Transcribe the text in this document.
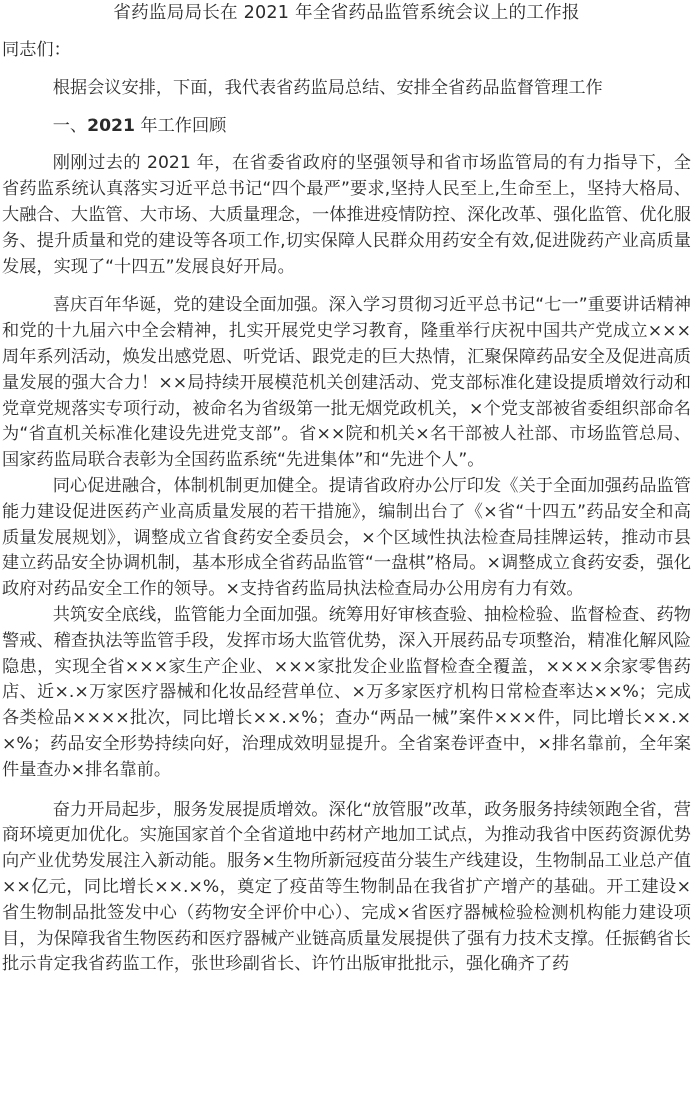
省药监局局长在 2021 年全省药品监管系统会议上的工作报

同志们：

根据会议安排，下面，我代表省药监局总结、安排全省药品监督管理工作

一、2021 年工作回顾

刚刚过去的 2021 年，在省委省政府的坚强领导和省市场监管局的有力指导下，全省药监系统认真落实习近平总书记“四个最严”要求,坚持人民至上,生命至上，坚持大格局、大融合、大监管、大市场、大质量理念，一体推进疫情防控、深化改革、强化监管、优化服务、提升质量和党的建设等各项工作,切实保障人民群众用药安全有效,促进陇药产业高质量发展，实现了“十四五”发展良好开局。

喜庆百年华诞，党的建设全面加强。深入学习贯彻习近平总书记“七一”重要讲话精神和党的十九届六中全会精神，扎实开展党史学习教育，隆重举行庆祝中国共产党成立×××周年系列活动，焕发出感党恩、听党话、跟党走的巨大热情，汇聚保障药品安全及促进高质量发展的强大合力！××局持续开展模范机关创建活动、党支部标准化建设提质增效行动和党章党规落实专项行动，被命名为省级第一批无烟党政机关，×个党支部被省委组织部命名为“省直机关标准化建设先进党支部”。省××院和机关×名干部被人社部、市场监管总局、国家药监局联合表彰为全国药监系统“先进集体”和“先进个人”。

同心促进融合，体制机制更加健全。提请省政府办公厅印发《关于全面加强药品监管能力建设促进医药产业高质量发展的若干措施》，编制出台了《×省“十四五”药品安全和高质量发展规划》，调整成立省食药安全委员会，×个区域性执法检查局挂牌运转，推动市县建立药品安全协调机制，基本形成全省药品监管“一盘棋”格局。×调整成立食药安委，强化政府对药品安全工作的领导。×支持省药监局执法检查局办公用房有力有效。

共筑安全底线，监管能力全面加强。统筹用好审核查验、抽检检验、监督检查、药物警戒、稽查执法等监管手段，发挥市场大监管优势，深入开展药品专项整治，精准化解风险隐患，实现全省×××家生产企业、×××家批发企业监督检查全覆盖，××××余家零售药店、近×.×万家医疗器械和化妆品经营单位、×万多家医疗机构日常检查率达××%；完成各类检品××××批次，同比增长××.×%；查办“两品一械”案件×××件，同比增长××.××%；药品安全形势持续向好，治理成效明显提升。全省案卷评查中，×排名靠前，全年案件量查办×排名靠前。

奋力开局起步，服务发展提质增效。深化“放管服”改革，政务服务持续领跑全省，营商环境更加优化。实施国家首个全省道地中药材产地加工试点，为推动我省中医药资源优势向产业优势发展注入新动能。服务×生物所新冠疫苗分装生产线建设，生物制品工业总产值××亿元，同比增长××.×%，奠定了疫苗等生物制品在我省扩产增产的基础。开工建设×省生物制品批签发中心（药物安全评价中心）、完成×省医疗器械检验检测机构能力建设项目，为保障我省生物医药和医疗器械产业链高质量发展提供了强有力技术支撑。任振鹤省长批示肯定我省药监工作，张世珍副省长、许竹出版审批批示，强化确齐了药
